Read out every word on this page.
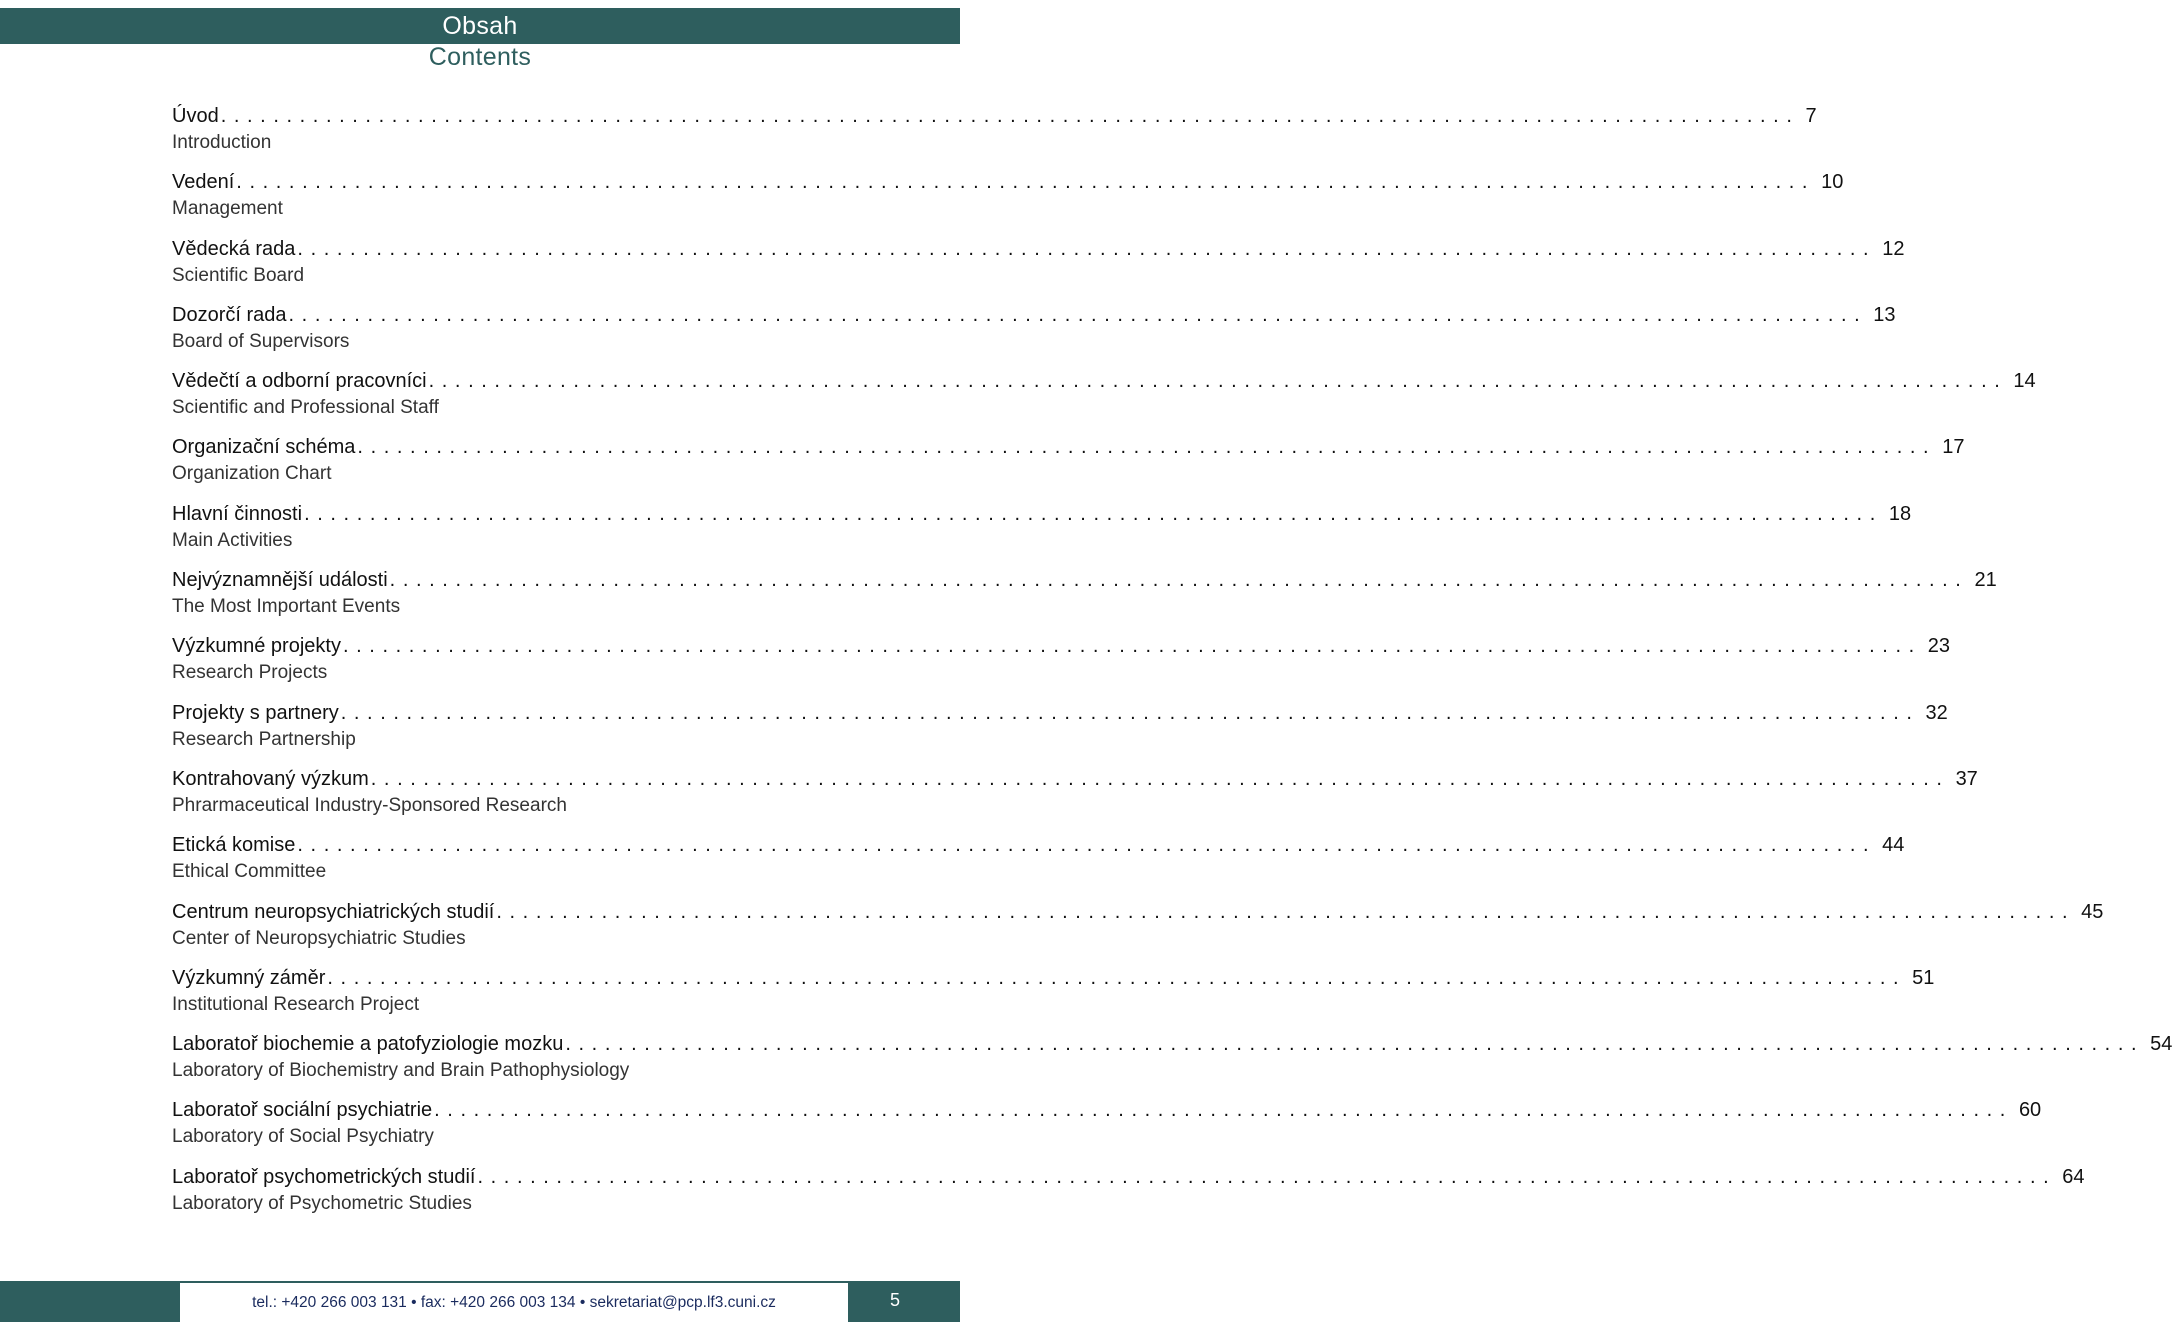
Obsah
Contents
Úvod ........................................................................................................................ 7
Introduction
Vedení ........................................................................................................................ 10
Management
Vědecká rada ........................................................................................................................ 12
Scientific Board
Dozorčí rada ........................................................................................................................ 13
Board of Supervisors
Vědečtí a odborní pracovníci ........................................................................................................................ 14
Scientific and Professional Staff
Organizační schéma ........................................................................................................................ 17
Organization Chart
Hlavní činnosti ........................................................................................................................ 18
Main Activities
Nejvýznamnější události ........................................................................................................................ 21
The Most Important Events
Výzkumné projekty ........................................................................................................................ 23
Research Projects
Projekty s partnery ........................................................................................................................ 32
Research Partnership
Kontrahovaný výzkum ........................................................................................................................ 37
Phrarmaceutical Industry-Sponsored Research
Etická komise ........................................................................................................................ 44
Ethical Committee
Centrum neuropsychiatrických studií ........................................................................................................................ 45
Center of Neuropsychiatric Studies
Výzkumný záměr ........................................................................................................................ 51
Institutional Research Project
Laboratoř biochemie a patofyziologie mozku ........................................................................................................................ 54
Laboratory of Biochemistry and Brain Pathophysiology
Laboratoř sociální psychiatrie ........................................................................................................................ 60
Laboratory of Social Psychiatry
Laboratoř psychometrických studií ........................................................................................................................ 64
Laboratory of Psychometric Studies
tel.: +420 266 003 131 • fax: +420 266 003 134 • sekretariat@pcp.lf3.cuni.cz	5
